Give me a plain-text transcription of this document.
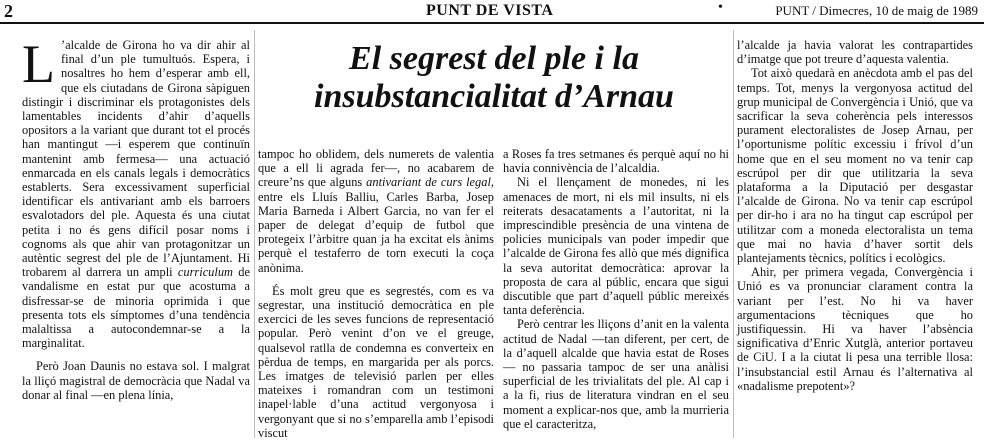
2	PUNT DE VISTA	•	PUNT / Dimecres, 10 de maig de 1989
El segrest del ple i la
insubstancialitat d’Arnau

L ’alcalde de Girona ho va dir ahir al final d’un ple tumultuós. Espera, i nosaltres ho hem d’esperar amb ell, que els ciutadans de Girona sàpiguen distingir i discriminar els protagonistes dels lamentables incidents d’ahir d’aquells opositors a la variant que durant tot el procés han mantingut —i esperem que continuïn mantenint amb fermesa— una actuació enmarcada en els canals legals i democràtics establerts. Sera excessivament superficial identificar els antivariant amb els barroers esvalotadors del ple. Aquesta és una ciutat petita i no és gens difícil posar noms i cognoms als que ahir van protagonitzar un autèntic segrest del ple de l’Ajuntament. Hi trobarem al darrera un ampli curriculum de vandalisme en estat pur que acostuma a disfressar-se de minoria oprimida i que presenta tots els símptomes d’una tendència malaltissa a autocondemnar-se a la marginalitat.

Però Joan Daunis no estava sol. I malgrat la lliçó magistral de democràcia que Nadal va donar al final —en plena línia,

tampoc ho oblidem, dels numerets de valentia que a ell li agrada fer—, no acabarem de creure’ns que alguns antivariant de curs legal, entre els Lluís Balliu, Carles Barba, Josep Maria Barneda i Albert Garcia, no van fer el paper de delegat d’equip de futbol que protegeix l’àrbitre quan ja ha excitat els ànims perquè el testaferro de torn executi la coça anònima.

És molt greu que es segrestés, com es va segrestar, una institució democràtica en ple exercici de les seves funcions de representació popular. Però venint d’on ve el greuge, qualsevol ratlla de condemna es converteix en pèrdua de temps, en margarida per als porcs. Les imatges de televisió parlen per elles mateixes i romandran com un testimoni inapel·lable d’una actitud vergonyosa i vergonyant que si no s’emparella amb l’episodi viscut

a Roses fa tres setmanes és perquè aquí no hi havia connivència de l’alcaldia.

Ni el llençament de monedes, ni les amenaces de mort, ni els mil insults, ni els reiterats desacataments a l’autoritat, ni la imprescindible presència de una vintena de policies municipals van poder impedir que l’alcalde de Girona fes allò que més dignifica la seva autoritat democràtica: aprovar la proposta de cara al públic, encara que sigui discutible que part d’aquell públic mereixés tanta deferència.

Però centrar les lliçons d’anit en la valenta actitud de Nadal —tan diferent, per cert, de la d’aquell alcalde que havia estat de Roses— no passaria tampoc de ser una anàlisi superficial de les trivialitats del ple. Al cap i a la fi, rius de literatura vindran en el seu moment a explicar-nos que, amb la murrieria que el caracteritza,

l’alcalde ja havia valorat les contrapartides d’imatge que pot treure d’aquesta valentia.

Tot això quedarà en anècdota amb el pas del temps. Tot, menys la vergonyosa actitud del grup municipal de Convergència i Unió, que va sacrificar la seva coherència pels interessos purament electoralistes de Josep Arnau, per l’oportunisme polític excessiu i frívol d’un home que en el seu moment no va tenir cap escrúpol per dir que utilitzaria la seva plataforma a la Diputació per desgastar l’alcalde de Girona. No va tenir cap escrúpol per dir-ho i ara no ha tingut cap escrúpol per utilitzar com a moneda electoralista un tema que mai no havia d’haver sortit dels plantejaments tècnics, polítics i ecològics.

Ahir, per primera vegada, Convergència i Unió es va pronunciar clarament contra la variant per l’est. No hi va haver argumentacions tècniques que ho justifiquessin. Hi va haver l’absència significativa d’Enric Xutglà, anterior portaveu de CiU. I a la ciutat li pesa una terrible llosa: l’insubstancial estil Arnau és l’alternativa al «nadalisme prepotent»?
